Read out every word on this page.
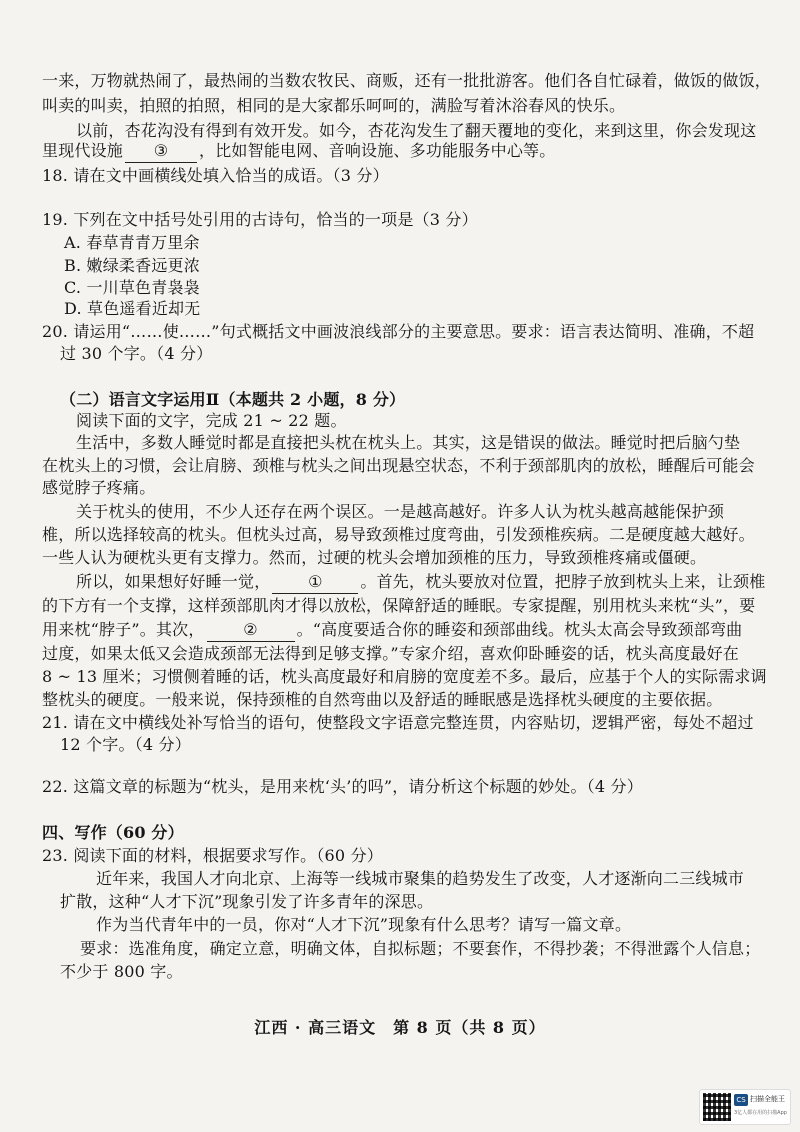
一来，万物就热闹了，最热闹的当数农牧民、商贩，还有一批批游客。他们各自忙碌着，做饭的做饭，
叫卖的叫卖，拍照的拍照，相同的是大家都乐呵呵的，满脸写着沐浴春风的快乐。
以前，杏花沟没有得到有效开发。如今，杏花沟发生了翻天覆地的变化，来到这里，你会发现这
里现代设施 ③ ，比如智能电网、音响设施、多功能服务中心等。
18. 请在文中画横线处填入恰当的成语。（3 分）
19. 下列在文中括号处引用的古诗句，恰当的一项是（3 分）
A. 春草青青万里余
B. 嫩绿柔香远更浓
C. 一川草色青袅袅
D. 草色遥看近却无
20. 请运用“……使……”句式概括文中画波浪线部分的主要意思。要求：语言表达简明、准确，不超
过 30 个字。（4 分）
（二）语言文字运用Ⅱ（本题共 2 小题，8 分）
阅读下面的文字，完成 21 ~ 22 题。
生活中，多数人睡觉时都是直接把头枕在枕头上。其实，这是错误的做法。睡觉时把后脑勺垫
在枕头上的习惯，会让肩膀、颈椎与枕头之间出现悬空状态，不利于颈部肌肉的放松，睡醒后可能会
感觉脖子疼痛。
关于枕头的使用，不少人还存在两个误区。一是越高越好。许多人认为枕头越高越能保护颈
椎，所以选择较高的枕头。但枕头过高，易导致颈椎过度弯曲，引发颈椎疾病。二是硬度越大越好。
一些人认为硬枕头更有支撑力。然而，过硬的枕头会增加颈椎的压力，导致颈椎疼痛或僵硬。
所以，如果想好好睡一觉， ① 。首先，枕头要放对位置，把脖子放到枕头上来，让颈椎
的下方有一个支撑，这样颈部肌肉才得以放松，保障舒适的睡眠。专家提醒，别用枕头来枕“头”，要
用来枕“脖子”。其次， ② 。“高度要适合你的睡姿和颈部曲线。枕头太高会导致颈部弯曲
过度，如果太低又会造成颈部无法得到足够支撑。”专家介绍，喜欢仰卧睡姿的话，枕头高度最好在
8 ~ 13 厘米；习惯侧着睡的话，枕头高度最好和肩膀的宽度差不多。最后，应基于个人的实际需求调
整枕头的硬度。一般来说，保持颈椎的自然弯曲以及舒适的睡眠感是选择枕头硬度的主要依据。
21. 请在文中横线处补写恰当的语句，使整段文字语意完整连贯，内容贴切，逻辑严密，每处不超过
12 个字。（4 分）
22. 这篇文章的标题为“枕头，是用来枕‘头’的吗”，请分析这个标题的妙处。（4 分）
四、写作（60 分）
23. 阅读下面的材料，根据要求写作。（60 分）
近年来，我国人才向北京、上海等一线城市聚集的趋势发生了改变，人才逐渐向二三线城市
扩散，这种“人才下沉”现象引发了许多青年的深思。
作为当代青年中的一员，你对“人才下沉”现象有什么思考？请写一篇文章。
要求：选准角度，确定立意，明确文体，自拟标题；不要套作，不得抄袭；不得泄露个人信息；
不少于 800 字。
江西 · 高三语文　第 8 页（共 8 页）
CS 扫描全能王
3亿人都在用的扫描App
